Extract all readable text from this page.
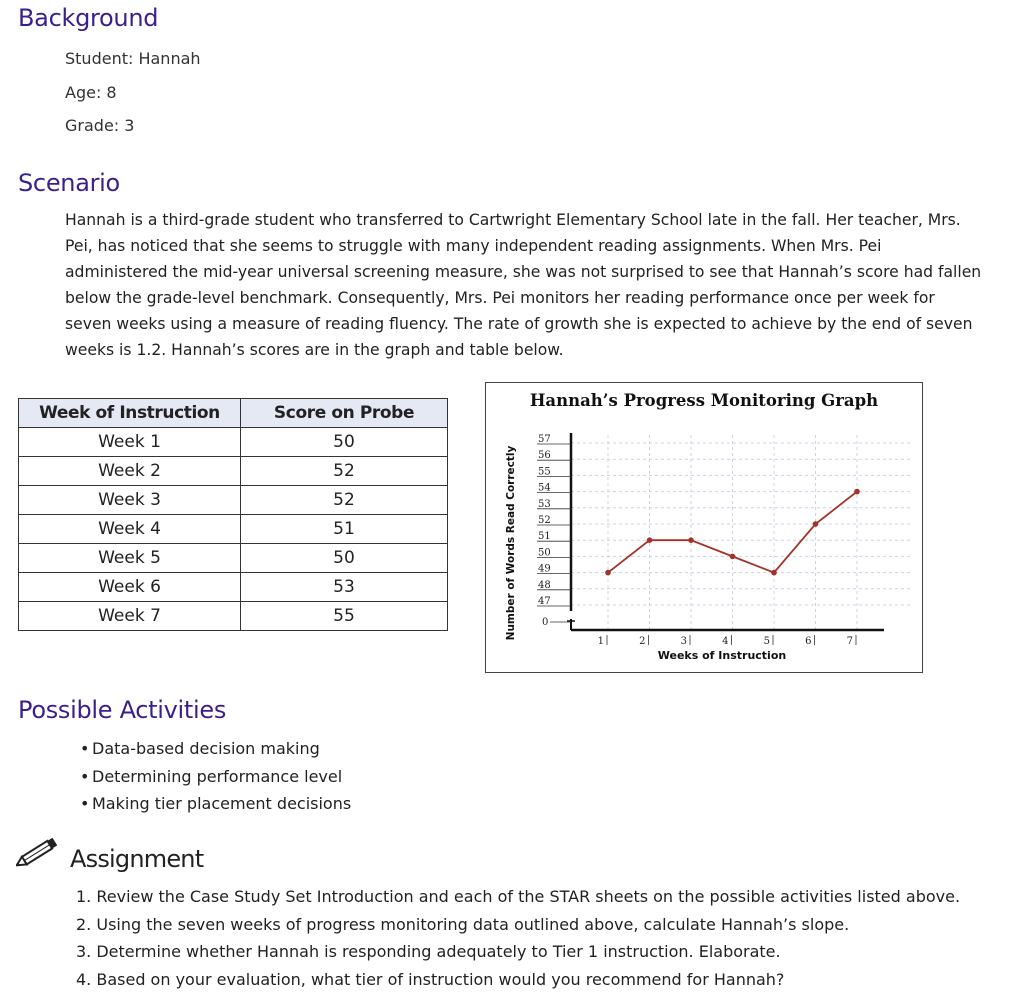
Background
Student: Hannah
Age: 8
Grade: 3
Scenario
Hannah is a third-grade student who transferred to Cartwright Elementary School late in the fall. Her teacher, Mrs.
Pei, has noticed that she seems to struggle with many independent reading assignments. When Mrs. Pei
administered the mid-year universal screening measure, she was not surprised to see that Hannah’s score had fallen
below the grade-level benchmark. Consequently, Mrs. Pei monitors her reading performance once per week for
seven weeks using a measure of reading fluency. The rate of growth she is expected to achieve by the end of seven
weeks is 1.2. Hannah’s scores are in the graph and table below.
Week of Instruction	Score on Probe
Week 1	50
Week 2	52
Week 3	52
Week 4	51
Week 5	50
Week 6	53
Week 7	55
Hannah’s Progress Monitoring Graph
57
56
55
54
53
52
51
50
49
48
47
0
1	2	3	4	5	6	7
Number of Words Read Correctly
Weeks of Instruction
Possible Activities
• Data-based decision making
• Determining performance level
• Making tier placement decisions
Assignment
1. Review the Case Study Set Introduction and each of the STAR sheets on the possible activities listed above.
2. Using the seven weeks of progress monitoring data outlined above, calculate Hannah’s slope.
3. Determine whether Hannah is responding adequately to Tier 1 instruction. Elaborate.
4. Based on your evaluation, what tier of instruction would you recommend for Hannah?
